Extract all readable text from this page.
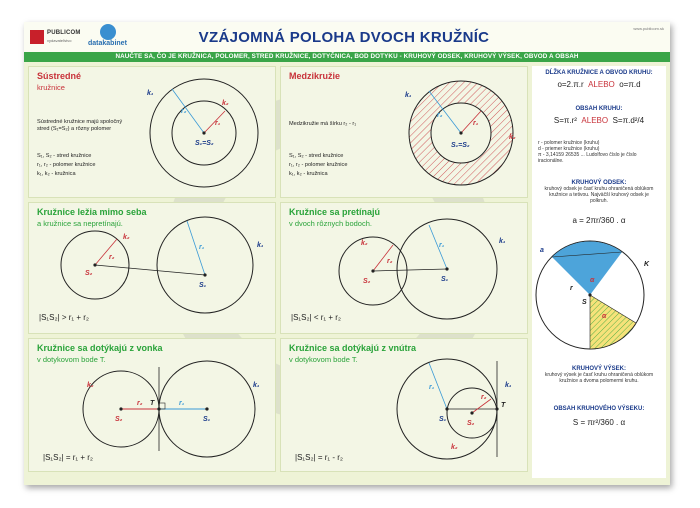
PUBLICOM
vydavateľstvo datakabinet	VZÁJOMNÁ POLOHA DVOCH KRUŽNÍC
www.publicom.sk
NAUČTE SA, ČO JE KRUŽNICA, POLOMER, STRED KRUŽNICE, DOTYČNICA, BOD DOTYKU - KRUHOVÝ ODSEK, KRUHOVÝ VÝSEK, OBVOD A OBSAH
Sústredné
kružnice
Sústredné kružnice majú spoločný stred (S₁=S₂) a rôzny polomer
S₁, S₂ - stred kružnice
r₁, r₂ - polomer kružnice
k₁, k₂ - kružnica
k₁
k₂
r₂
r₁
S₁=S₂
Medzikružie
Medzikružie má šírku r₂ - r₁
S₁, S₂ - stred kružnice
r₁, r₂ - polomer kružnice
k₁, k₂ - kružnica
k₁
k₂
r₂
r₁
S₁=S₂
Kružnice ležia mimo seba
a kružnice sa nepretínajú.
|S₁S₂| > r₁ + r₂
k₂
k₁
r₂
r₁
S₂
S₁
Kružnice sa pretínajú
v dvoch rôznych bodoch.
|S₁S₂| < r₁ + r₂
k₂	k₁
r₂
r₁
S₂	S₁
Kružnice sa dotýkajú z vonka
v dotykovom bode T.
|S₁S₂| = r₁ + r₂
k₂	k₁
r₂	r₁
S₂	S₁
T
Kružnice sa dotýkajú z vnútra
v dotykovom bode T.
|S₁S₂| = r₁ - r₂
k₁
k₂
r₁
r₂
S₁
S₂
T
DĹŽKA KRUŽNICE A OBVOD KRUHU:
o=2.π.r ALEBO o=π.d
OBSAH KRUHU:
S=π.r² ALEBO S=π.d²/4
r - polomer kružnice (kruhu)
d - priemer kružnice (kruhu)
π - 3,14159 26535 ... Ludolfovo číslo je číslo iracionálne.
KRUHOVÝ ODSEK:
kruhový odsek je časť kruhu ohraničená oblúkom kružnice a tetivou. Najväčší kruhový odsek je polkruh.
a = 2πr/360 . α
a
K
α
α
r
S
KRUHOVÝ VÝSEK:
kruhový výsek je časť kruhu ohraničená oblúkom kružnice a dvoma polomermi kruhu.
OBSAH KRUHOVÉHO VÝSEKU:
S = πr²/360 . α
